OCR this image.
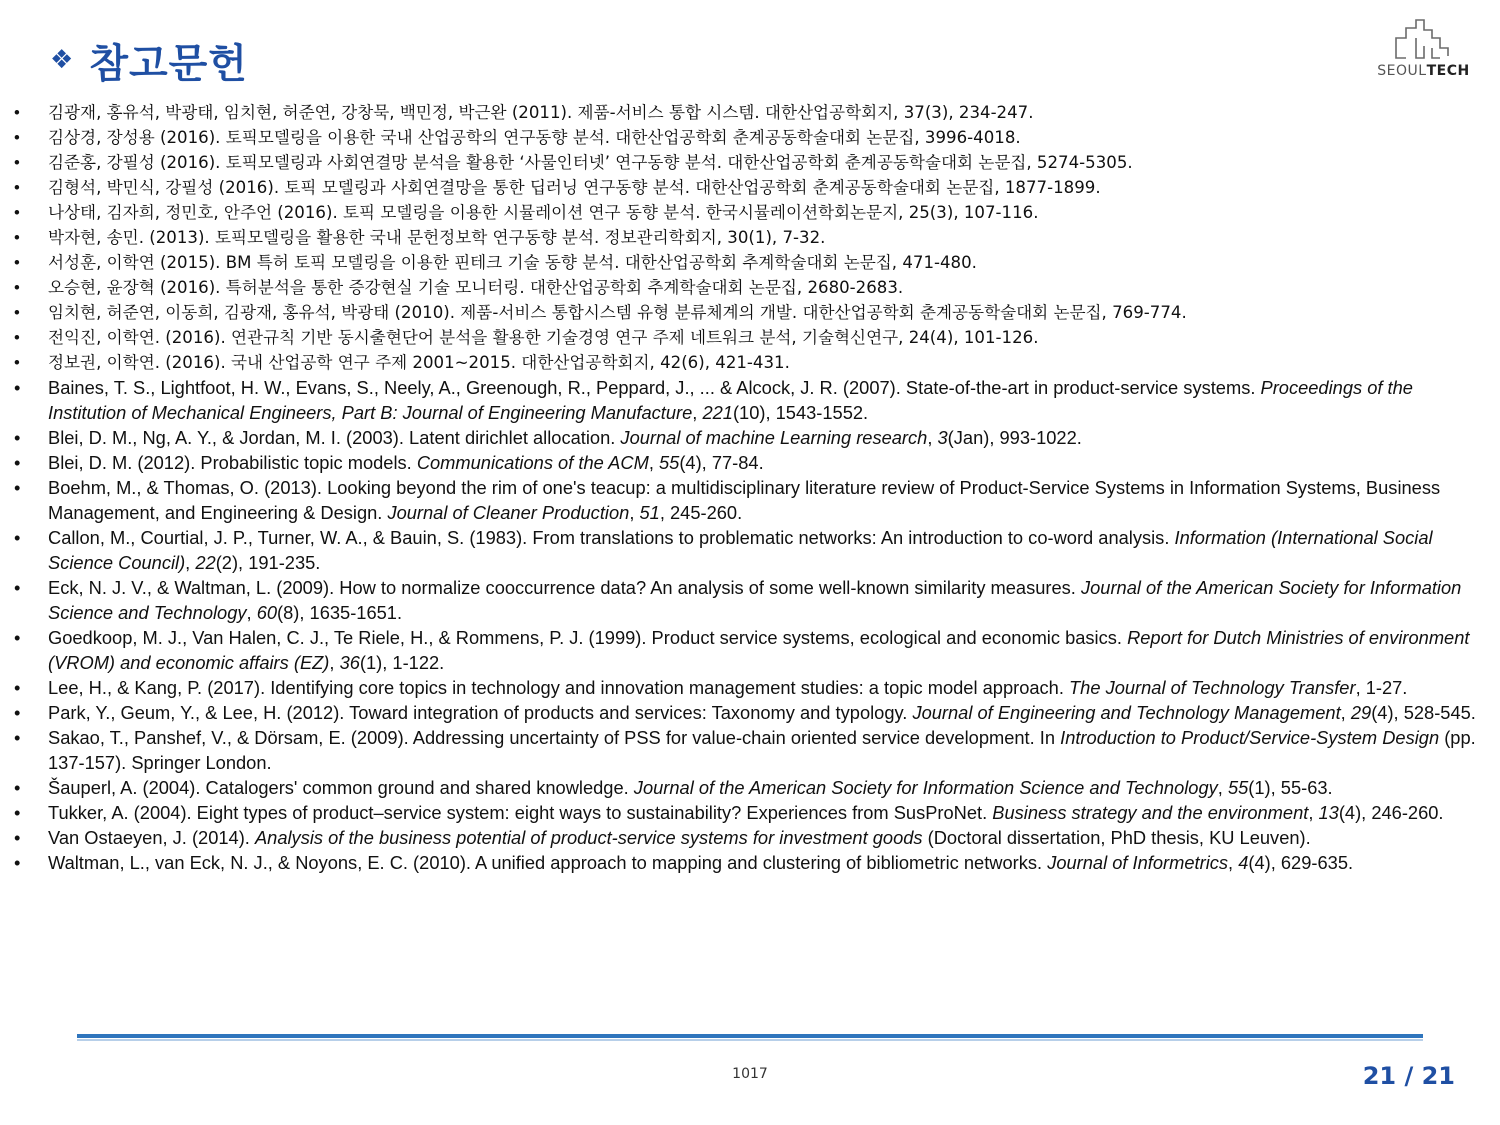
❖ 참고문헌	SEOULTECH
• 김광재, 홍유석, 박광태, 임치현, 허준연, 강창묵, 백민정, 박근완 (2011). 제품-서비스 통합 시스템. 대한산업공학회지, 37(3), 234-247.
• 김상경, 장성용 (2016). 토픽모델링을 이용한 국내 산업공학의 연구동향 분석. 대한산업공학회 춘계공동학술대회 논문집, 3996-4018.
• 김준홍, 강필성 (2016). 토픽모델링과 사회연결망 분석을 활용한 ‘사물인터넷’ 연구동향 분석. 대한산업공학회 춘계공동학술대회 논문집, 5274-5305.
• 김형석, 박민식, 강필성 (2016). 토픽 모델링과 사회연결망을 통한 딥러닝 연구동향 분석. 대한산업공학회 춘계공동학술대회 논문집, 1877-1899.
• 나상태, 김자희, 정민호, 안주언 (2016). 토픽 모델링을 이용한 시뮬레이션 연구 동향 분석. 한국시뮬레이션학회논문지, 25(3), 107-116.
• 박자현, 송민. (2013). 토픽모델링을 활용한 국내 문헌정보학 연구동향 분석. 정보관리학회지, 30(1), 7-32.
• 서성훈, 이학연 (2015). BM 특허 토픽 모델링을 이용한 핀테크 기술 동향 분석. 대한산업공학회 추계학술대회 논문집, 471-480.
• 오승현, 윤장혁 (2016). 특허분석을 통한 증강현실 기술 모니터링. 대한산업공학회 추계학술대회 논문집, 2680-2683.
• 임치현, 허준연, 이동희, 김광재, 홍유석, 박광태 (2010). 제품-서비스 통합시스템 유형 분류체계의 개발. 대한산업공학회 춘계공동학술대회 논문집, 769-774.
• 전익진, 이학연. (2016). 연관규칙 기반 동시출현단어 분석을 활용한 기술경영 연구 주제 네트워크 분석, 기술혁신연구, 24(4), 101-126.
• 정보권, 이학연. (2016). 국내 산업공학 연구 주제 2001~2015. 대한산업공학회지, 42(6), 421-431.
• Baines, T. S., Lightfoot, H. W., Evans, S., Neely, A., Greenough, R., Peppard, J., ... & Alcock, J. R. (2007). State-of-the-art in product-service systems. Proceedings of the Institution of Mechanical Engineers, Part B: Journal of Engineering Manufacture, 221(10), 1543-1552.
• Blei, D. M., Ng, A. Y., & Jordan, M. I. (2003). Latent dirichlet allocation. Journal of machine Learning research, 3(Jan), 993-1022.
• Blei, D. M. (2012). Probabilistic topic models. Communications of the ACM, 55(4), 77-84.
• Boehm, M., & Thomas, O. (2013). Looking beyond the rim of one's teacup: a multidisciplinary literature review of Product-Service Systems in Information Systems, Business Management, and Engineering & Design. Journal of Cleaner Production, 51, 245-260.
• Callon, M., Courtial, J. P., Turner, W. A., & Bauin, S. (1983). From translations to problematic networks: An introduction to co-word analysis. Information (International Social Science Council), 22(2), 191-235.
• Eck, N. J. V., & Waltman, L. (2009). How to normalize cooccurrence data? An analysis of some well-known similarity measures. Journal of the American Society for Information Science and Technology, 60(8), 1635-1651.
• Goedkoop, M. J., Van Halen, C. J., Te Riele, H., & Rommens, P. J. (1999). Product service systems, ecological and economic basics. Report for Dutch Ministries of environment (VROM) and economic affairs (EZ), 36(1), 1-122.
• Lee, H., & Kang, P. (2017). Identifying core topics in technology and innovation management studies: a topic model approach. The Journal of Technology Transfer, 1-27.
• Park, Y., Geum, Y., & Lee, H. (2012). Toward integration of products and services: Taxonomy and typology. Journal of Engineering and Technology Management, 29(4), 528-545.
• Sakao, T., Panshef, V., & Dörsam, E. (2009). Addressing uncertainty of PSS for value-chain oriented service development. In Introduction to Product/Service-System Design (pp. 137-157). Springer London.
• Šauperl, A. (2004). Catalogers' common ground and shared knowledge. Journal of the American Society for Information Science and Technology, 55(1), 55-63.
• Tukker, A. (2004). Eight types of product–service system: eight ways to sustainability? Experiences from SusProNet. Business strategy and the environment, 13(4), 246-260.
• Van Ostaeyen, J. (2014). Analysis of the business potential of product-service systems for investment goods (Doctoral dissertation, PhD thesis, KU Leuven).
• Waltman, L., van Eck, N. J., & Noyons, E. C. (2010). A unified approach to mapping and clustering of bibliometric networks. Journal of Informetrics, 4(4), 629-635.
1017	21 / 21
